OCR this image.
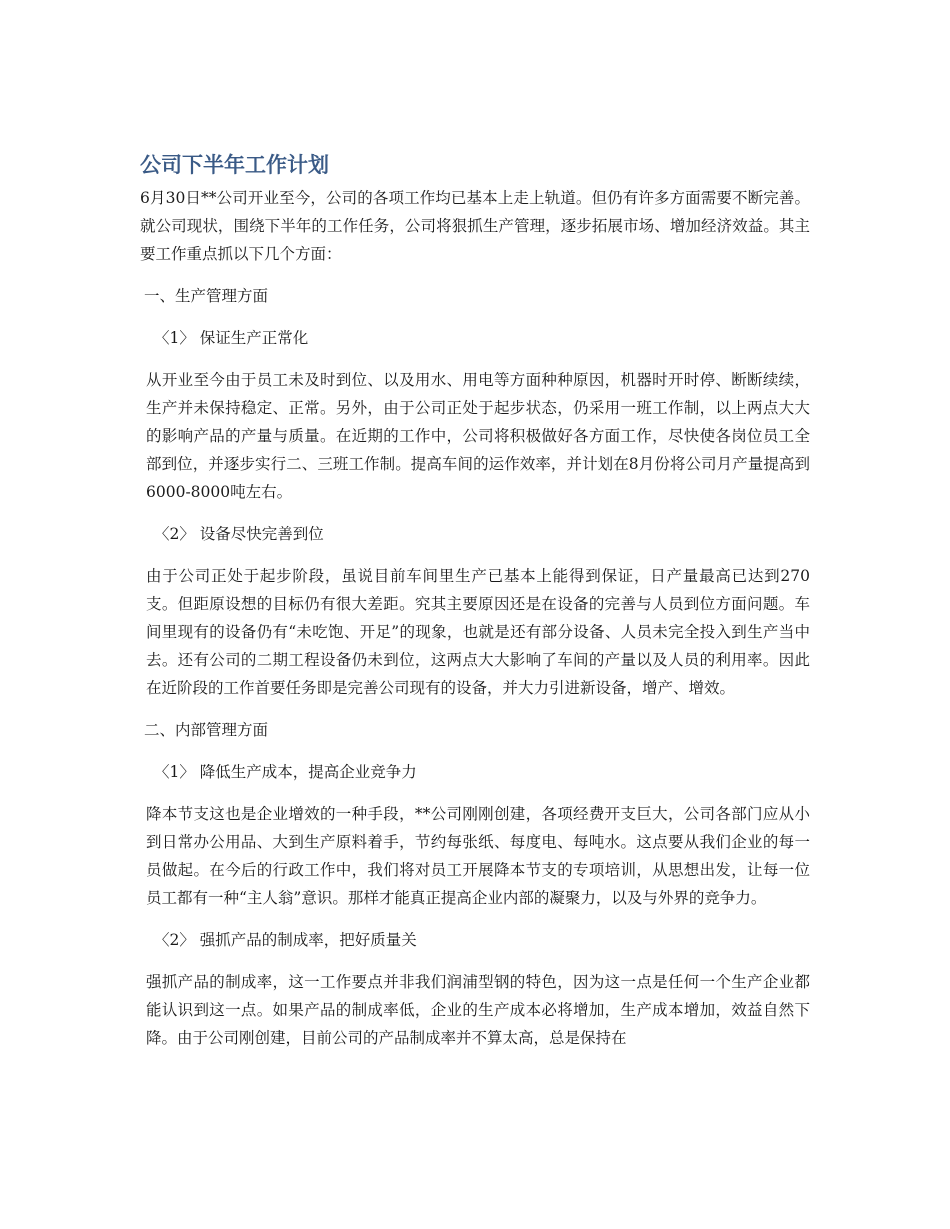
公司下半年工作计划

6月30日**公司开业至今，公司的各项工作均已基本上走上轨道。但仍有许多方面需要不断完善。就公司现状，围绕下半年的工作任务，公司将狠抓生产管理，逐步拓展市场、增加经济效益。其主要工作重点抓以下几个方面：

一、生产管理方面
〈1〉 保证生产正常化

从开业至今由于员工未及时到位、以及用水、用电等方面种种原因，机器时开时停、断断续续，生产并未保持稳定、正常。另外，由于公司正处于起步状态，仍采用一班工作制，以上两点大大的影响产品的产量与质量。在近期的工作中，公司将积极做好各方面工作，尽快使各岗位员工全部到位，并逐步实行二、三班工作制。提高车间的运作效率，并计划在8月份将公司月产量提高到6000-8000吨左右。

〈2〉 设备尽快完善到位

由于公司正处于起步阶段，虽说目前车间里生产已基本上能得到保证，日产量最高已达到270支。但距原设想的目标仍有很大差距。究其主要原因还是在设备的完善与人员到位方面问题。车间里现有的设备仍有“未吃饱、开足”的现象，也就是还有部分设备、人员未完全投入到生产当中去。还有公司的二期工程设备仍未到位，这两点大大影响了车间的产量以及人员的利用率。因此在近阶段的工作首要任务即是完善公司现有的设备，并大力引进新设备，增产、增效。

二、内部管理方面
〈1〉 降低生产成本，提高企业竞争力

降本节支这也是企业增效的一种手段，**公司刚刚创建，各项经费开支巨大，公司各部门应从小到日常办公用品、大到生产原料着手，节约每张纸、每度电、每吨水。这点要从我们企业的每一员做起。在今后的行政工作中，我们将对员工开展降本节支的专项培训，从思想出发，让每一位员工都有一种“主人翁”意识。那样才能真正提高企业内部的凝聚力，以及与外界的竞争力。

〈2〉 强抓产品的制成率，把好质量关

强抓产品的制成率，这一工作要点并非我们润浦型钢的特色，因为这一点是任何一个生产企业都能认识到这一点。如果产品的制成率低，企业的生产成本必将增加，生产成本增加，效益自然下降。由于公司刚创建，目前公司的产品制成率并不算太高，总是保持在
